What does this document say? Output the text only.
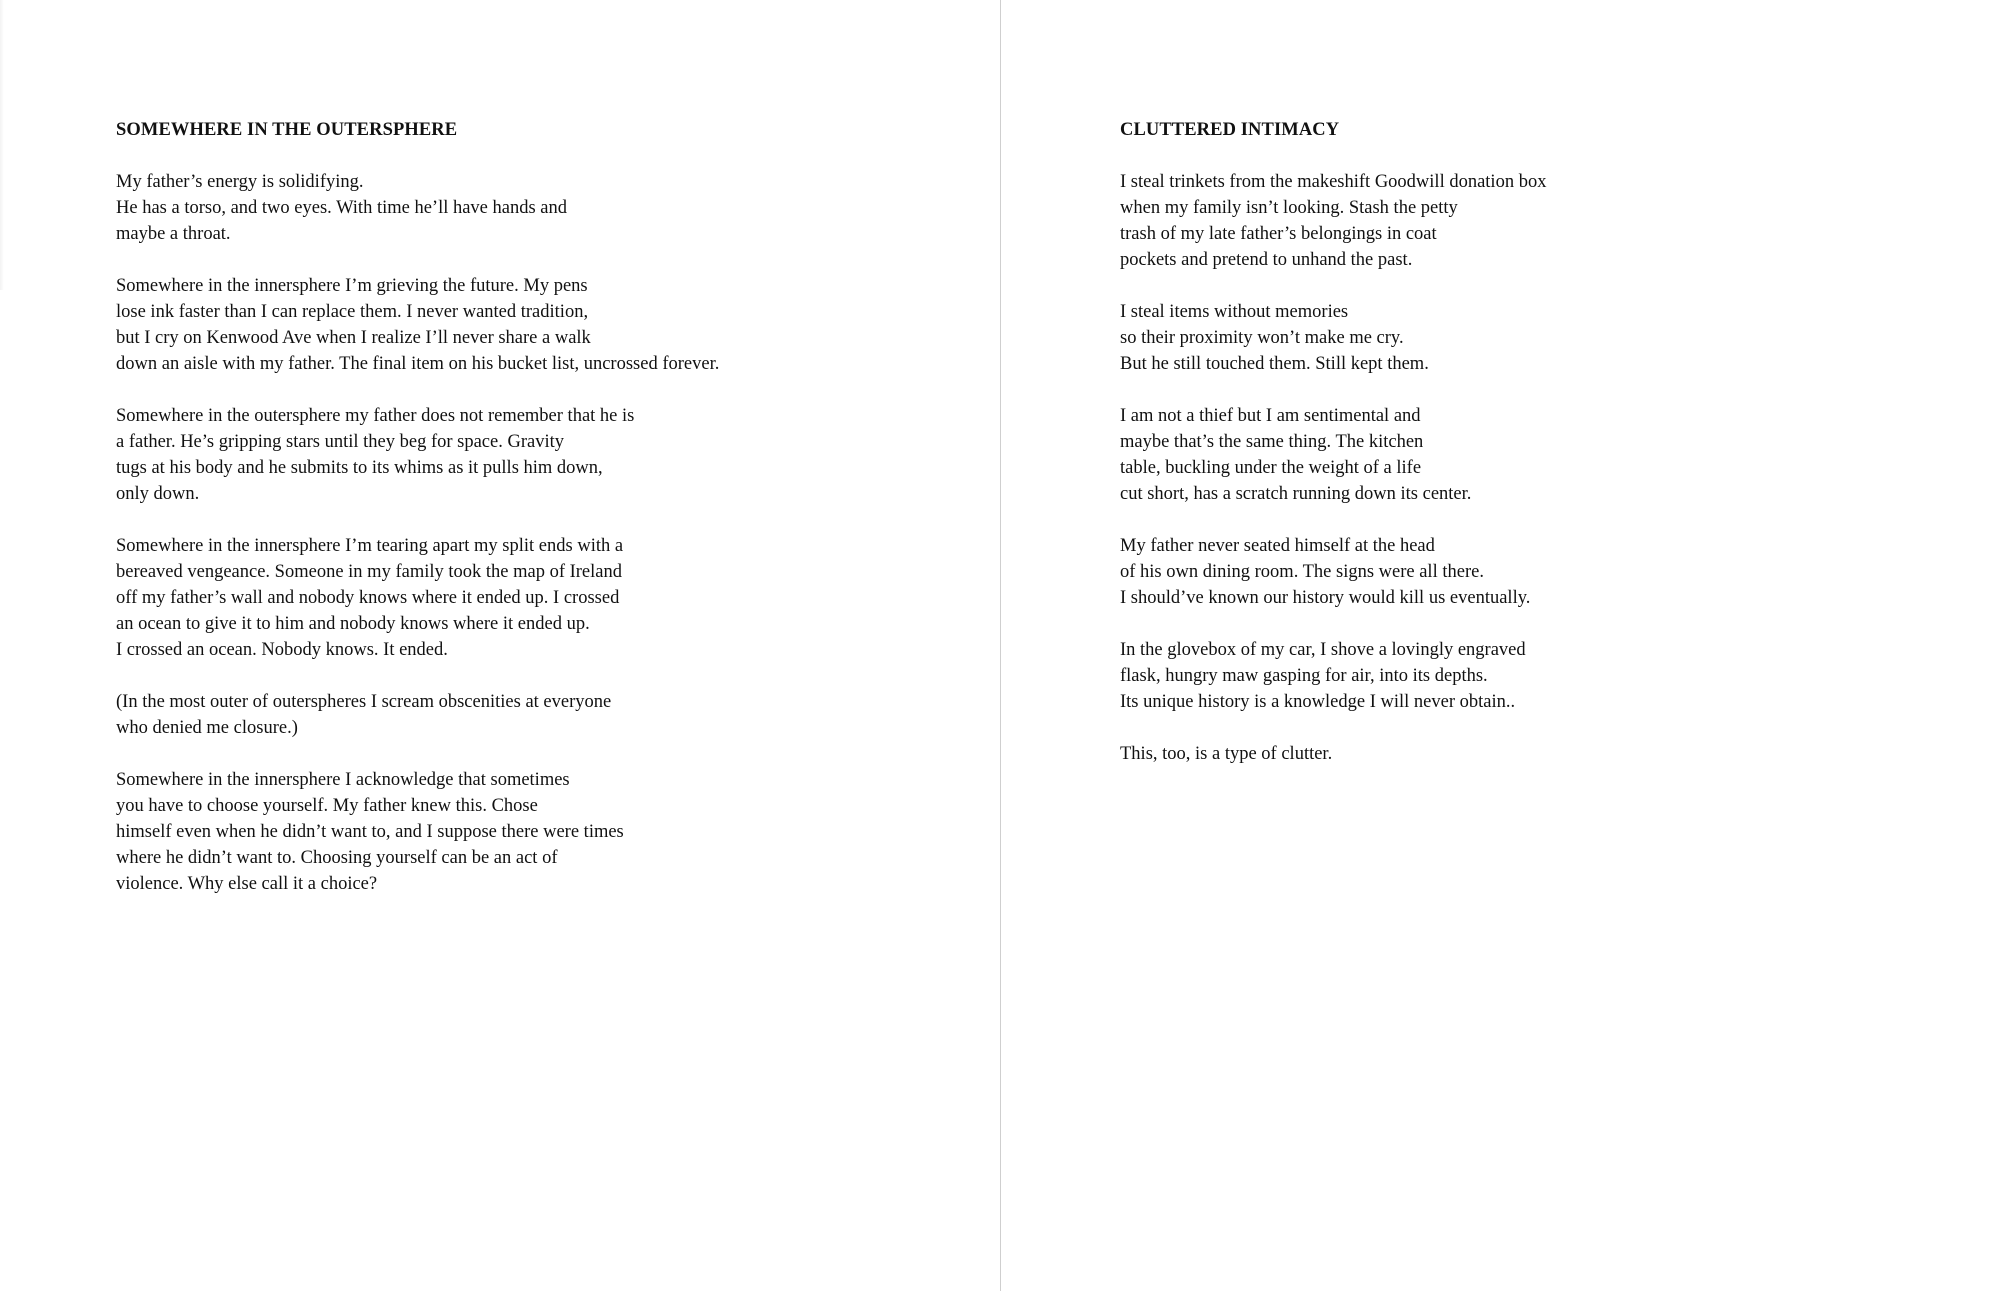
SOMEWHERE IN THE OUTERSPHERE
My father’s energy is solidifying.
He has a torso, and two eyes. With time he’ll have hands and
maybe a throat.
Somewhere in the innersphere I’m grieving the future. My pens
lose ink faster than I can replace them. I never wanted tradition,
but I cry on Kenwood Ave when I realize I’ll never share a walk
down an aisle with my father. The final item on his bucket list, uncrossed forever.
Somewhere in the outersphere my father does not remember that he is
a father. He’s gripping stars until they beg for space. Gravity
tugs at his body and he submits to its whims as it pulls him down,
only down.
Somewhere in the innersphere I’m tearing apart my split ends with a
bereaved vengeance. Someone in my family took the map of Ireland
off my father’s wall and nobody knows where it ended up. I crossed
an ocean to give it to him and nobody knows where it ended up.
I crossed an ocean. Nobody knows. It ended.
(In the most outer of outerspheres I scream obscenities at everyone
who denied me closure.)
Somewhere in the innersphere I acknowledge that sometimes
you have to choose yourself. My father knew this. Chose
himself even when he didn’t want to, and I suppose there were times
where he didn’t want to. Choosing yourself can be an act of
violence. Why else call it a choice?
CLUTTERED INTIMACY
I steal trinkets from the makeshift Goodwill donation box
when my family isn’t looking. Stash the petty
trash of my late father’s belongings in coat
pockets and pretend to unhand the past.
I steal items without memories
so their proximity won’t make me cry.
But he still touched them. Still kept them.
I am not a thief but I am sentimental and
maybe that’s the same thing. The kitchen
table, buckling under the weight of a life
cut short, has a scratch running down its center.
My father never seated himself at the head
of his own dining room. The signs were all there.
I should’ve known our history would kill us eventually.
In the glovebox of my car, I shove a lovingly engraved
flask, hungry maw gasping for air, into its depths.
Its unique history is a knowledge I will never obtain..
This, too, is a type of clutter.
